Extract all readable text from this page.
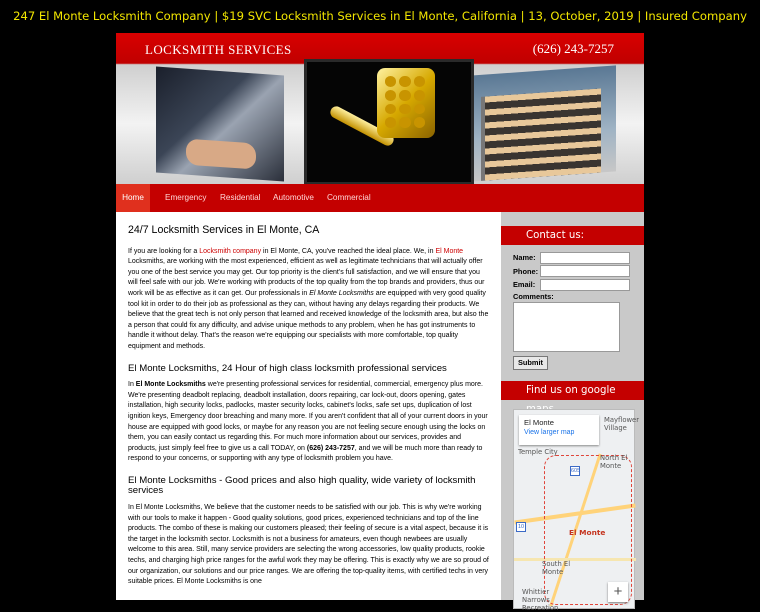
247 El Monte Locksmith Company | $19 SVC Locksmith Services in El Monte, California | 13, October, 2019 | Insured Company
LOCKSMITH SERVICES	(626) 243-7257
Home	Emergency Residential Automotive Commercial
24/7 Locksmith Services in El Monte, CA

If you are looking for a Locksmith company in El Monte, CA, you've reached the ideal place. We, in El Monte Locksmiths, are working with the most experienced, efficient as well as legitimate technicians that will actually offer you one of the best service you may get. Our top priority is the client's full satisfaction, and we will ensure that you will feel safe with our job. We're working with products of the top quality from the top brands and providers, thus our work will be as effective as it can get. Our professionals in El Monte Locksmiths are equipped with very good quality tool kit in order to do their job as professional as they can, without having any delays regarding their products. We believe that the great tech is not only person that learned and received knowledge of the locksmith area, but also the a person that could fix any difficulty, and advise unique methods to any problem, when he has got instruments to handle it without delay. That's the reason we're equipping our specialists with more comfortable, top quality equipment and methods.

El Monte Locksmiths, 24 Hour of high class locksmith professional services

In El Monte Locksmiths we're presenting professional services for residential, commercial, emergency plus more. We're presenting deadbolt replacing, deadbolt installation, doors repairing, car lock-out, doors opening, gates installation, high security locks, padlocks, master security locks, cabinet's locks, safe set ups, duplication of lost ignition keys, Emergency door breaching and many more. If you aren't confident that all of your current doors in your house are equipped with good locks, or maybe for any reason you are not feeling secure enough using the locks on them, you can easily contact us regarding this. For much more information about our services, provides and products, just simply feel free to give us a call TODAY, on (626) 243-7257, and we will be much more than ready to respond to your concerns, or supporting with any type of locksmith problem you have.

El Monte Locksmiths - Good prices and also high quality, wide variety of locksmith services

In El Monte Locksmiths, We believe that the customer needs to be satisfied with our job. This is why we're working with our tools to make it happen - Good quality solutions, good prices, experienced technicians and top of the line products. The combo of these is making our customers pleased; their feeling of secure is a vital aspect, because it is the target in the locksmith sector. Locksmith is not a business for amateurs, even though newbees are usually welcome to this area. Still, many service providers are selecting the wrong accessories, low quality products, rookie techs, and charging high price ranges for the awful work they may be offering. This is exactly why we are so proud of our organization, our solutions and our price ranges. We are offering the top-quality items, with certified techs in very suitable prices. El Monte Locksmiths is one

Contact us:
Name:
Phone:
Email:
Comments:
Submit
Find us on google
El Monte
View larger map
Mayflower Village
Temple City
North El Monte
El Monte
South El Monte
Whittier Narrows Recreation
10
605
+
